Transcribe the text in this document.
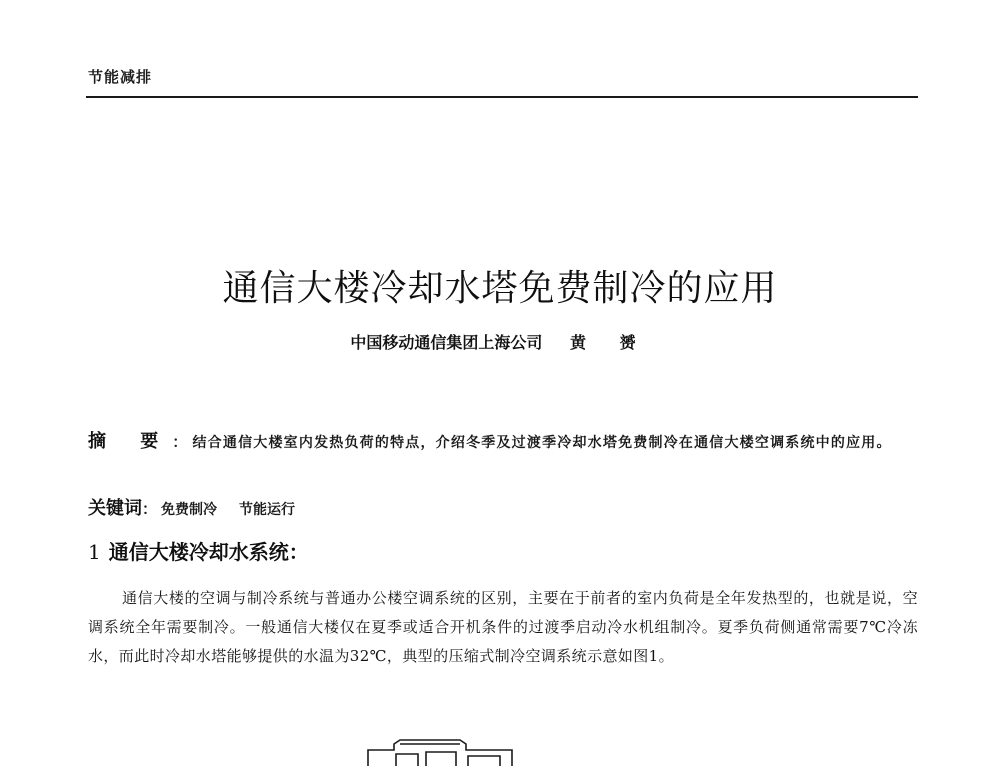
节能减排
通信大楼冷却水塔免费制冷的应用
中国移动通信集团上海公司 黄 赟
摘 要： 结合通信大楼室内发热负荷的特点，介绍冬季及过渡季冷却水塔免费制冷在通信大楼空调系统中的应用。
关键词： 免费制冷 节能运行
1 通信大楼冷却水系统：

通信大楼的空调与制冷系统与普通办公楼空调系统的区别，主要在于前者的室内负荷是全年发热型的，也就是说，空调系统全年需要制冷。一般通信大楼仅在夏季或适合开机条件的过渡季启动冷水机组制冷。夏季负荷侧通常需要7℃冷冻水，而此时冷却水塔能够提供的水温为32℃，典型的压缩式制冷空调系统示意如图1。
